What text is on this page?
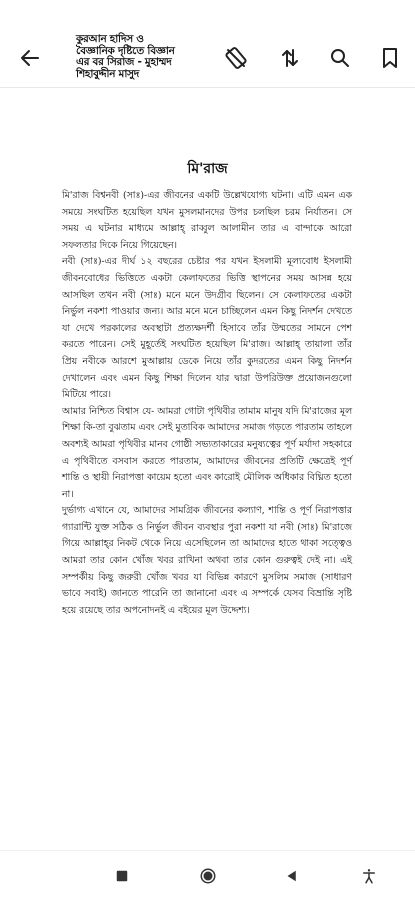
কুরআন হাদিস ও
বৈজ্ঞানিক দৃষ্টিতে বিজ্ঞান
এর বর সিরাজ - মুহাম্মদ
শিহাবুদ্দীন মাসুদ
মি'রাজ

মি'রাজ বিশ্বনবী (সাঃ)-এর জীবনের একটি উল্লেখযোগ্য ঘটনা। এটি এমন এক সময়ে সংঘটিত হয়েছিল যখন মুসলমানদের উপর চলছিল চরম নির্যাতন। সে সময় এ ঘটনার মাধ্যমে আল্লাহ্ রাব্বুল আলামীন তার এ বান্দাকে আরো সফলতার দিকে নিয়ে গিয়েছেন।

নবী (সাঃ)-এর দীর্ঘ ১২ বছরের চেষ্টার পর যখন ইসলামী মূল্যবোধ ইসলামী জীবনবোধের ভিত্তিতে একটা কেলাফতের ভিত্তি স্থাপনের সময় আসন্ন হয়ে আসছিল তখন নবী (সাঃ) মনে মনে উদগ্রীব ছিলেন। সে কেলাফতের একটা নির্ভুল নকশা পাওয়ার জন্য। আর মনে মনে চাচ্ছিলেন এমন কিছু নিদর্শন দেখতে যা দেখে পরকালের অবস্থাটা প্রত্যক্ষদর্শী হিসাবে তাঁর উম্মতের সামনে পেশ করতে পারেন। সেই মুহূর্তেই সংঘটিত হয়েছিল মি'রাজ। আল্লাহ্ তায়ালা তাঁর প্রিয় নবীকে আরশে মুআল্লায় ডেকে নিয়ে তাঁর কুদরতের এমন কিছু নিদর্শন দেখালেন এবং এমন কিছু শিক্ষা দিলেন যার দ্বারা উপরিউক্ত প্রয়োজনগুলো মিটিয়ে পারে।

আমার নিশ্চিত বিশ্বাস যে- আমরা গোটা পৃথিবীর তামাম মানুষ যদি মি'রাজের মূল শিক্ষা কি-তা বুঝতাম এবং সেই মুতাবিক আমাদের সমাজ গড়তে পারতাম তাহলে অবশ্যই আমরা পৃথিবীর মানব গোষ্ঠী সভ্যতাকারের মনুষ্যত্বের পূর্ণ মর্যাদা সহকারে এ পৃথিবীতে বসবাস করতে পারতাম, আমাদের জীবনের প্রতিটি ক্ষেত্রেই পূর্ণ শান্তি ও স্থায়ী নিরাপত্তা কায়েম হতো এবং কারোই মৌলিক অধিকার বিঘ্নিত হতো না।

দুর্ভাগ্য এখানে যে, আমাদের সামগ্রিক জীবনের কল্যাণ, শান্তি ও পূর্ণ নিরাপত্তার গ্যারান্টি যুক্ত সঠিক ও নির্ভুল জীবন ব্যবস্থার পুরা নকশা যা নবী (সাঃ) মি'রাজে গিয়ে আল্লাহ্‌র নিকট থেকে নিয়ে এসেছিলেন তা আমাদের হাতে থাকা সত্ত্বেও আমরা তার কোন খোঁজ খবর রাখিনা অথবা তার কোন গুরুত্বই দেই না। এই সম্পর্কীয় কিছু জরুরী খোঁজ খবর যা বিভিন্ন কারণে মুসলিম সমাজ (সাধারণ ভাবে সবাই) জানতে পারেনি তা জানানো এবং এ সম্পর্কে যেসব বিভ্রান্তি সৃষ্টি হয়ে রয়েছে তার অপনোদনই এ বইয়ের মূল উদ্দেশ্য।
